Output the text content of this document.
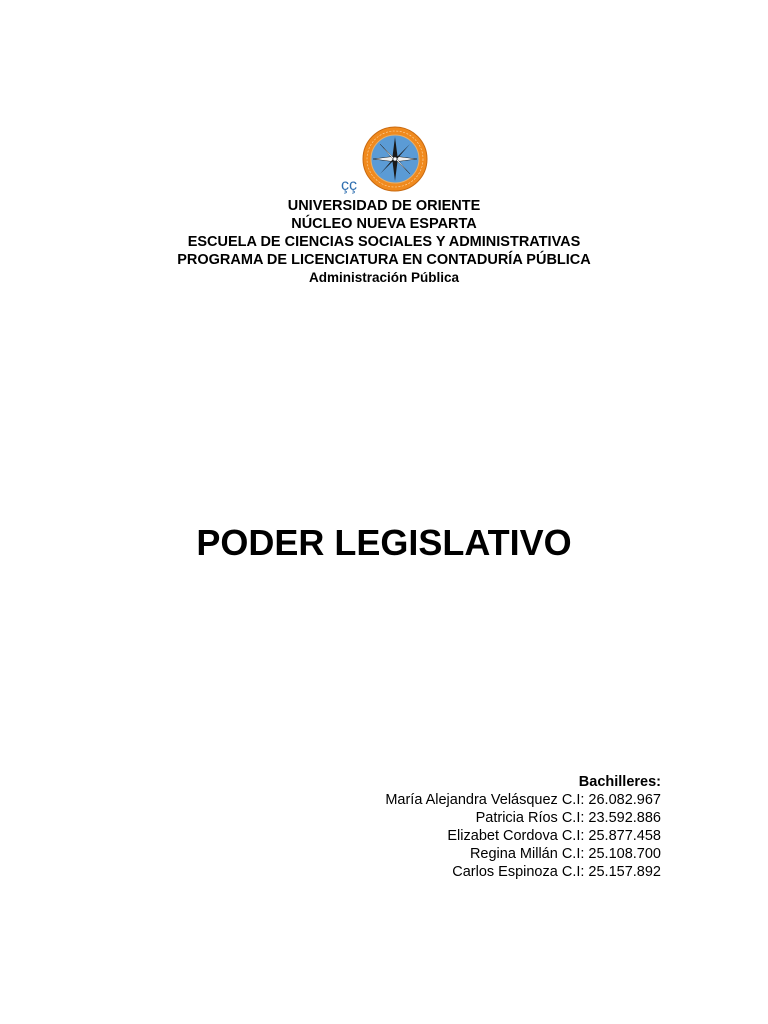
çç
UNIVERSIDAD DE ORIENTE
NÚCLEO NUEVA ESPARTA
ESCUELA DE CIENCIAS SOCIALES Y ADMINISTRATIVAS
PROGRAMA DE LICENCIATURA EN CONTADURÍA PÚBLICA
Administración Pública
PODER LEGISLATIVO
Bachilleres:
María Alejandra Velásquez C.I: 26.082.967
Patricia Ríos C.I: 23.592.886
Elizabet Cordova C.I: 25.877.458
Regina Millán C.I: 25.108.700
Carlos Espinoza C.I: 25.157.892
